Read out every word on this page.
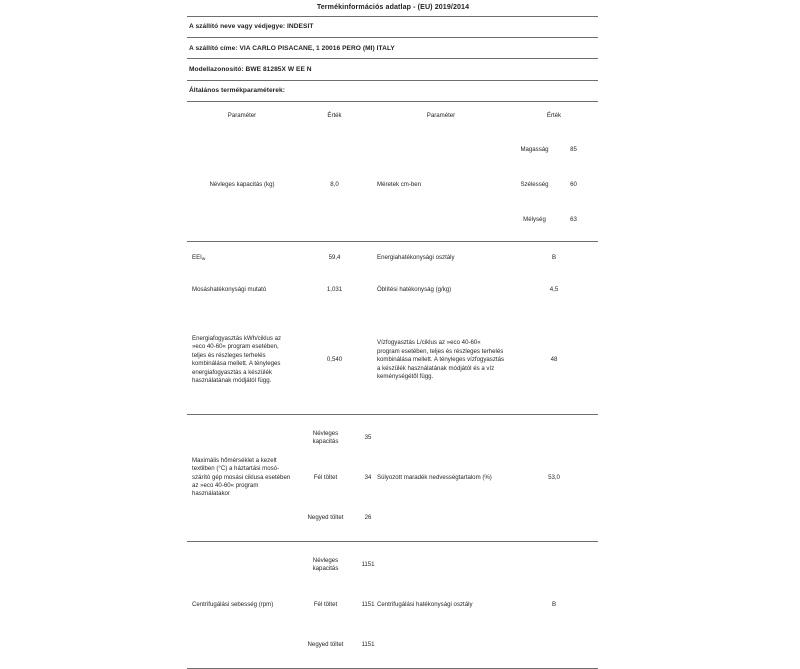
Termékinformációs adatlap - (EU) 2019/2014
A szállító neve vagy védjegye: INDESIT
A szállító címe: VIA CARLO PISACANE, 1 20016 PERO (MI) ITALY
Modellazonosító: BWE 81285X W EE N
Általános termékparaméterek:
Paraméter	Érték	Paraméter	Érték
Névleges kapacitás (kg)	8,0	Méretek cm-ben	
Magasság	85
Szélesség	60
Mélység	63

$EEI_w$	59,4	Energiahatékonysági osztály	B
Mosáshatékonysági mutató	1,031	Öblítési hatékonyság (g/kg)	4,5
Energiafogyasztás kWh/ciklus az »eco 40-60« program esetében, teljes és részleges terhelés kombinálása mellett. A tényleges energiafogyasztás a készülék használatának módjától függ.	0,540	Vízfogyasztás L/ciklus az »eco 40-60« program esetében, teljes és részleges terhelés kombinálása mellett. A tényleges vízfogyasztás a készülék használatának módjától és a víz keménységétől függ.	48
Maximális hőmérséklet a kezelt textilben (°C) a háztartási mosó-szárító gép mosási ciklusa esetében az »eco 40-60« program használatakor	
Névleges kapacitás	35
Fél töltet	34
Negyed töltet	26
	Súlyozott maradék nedvességtartalom (%)	53,0
Centrifugálási sebesség (rpm)	
Névleges kapacitás	1151
Fél töltet	1151
Negyed töltet	1151
	Centrifugálási hatékonysági osztály	B
